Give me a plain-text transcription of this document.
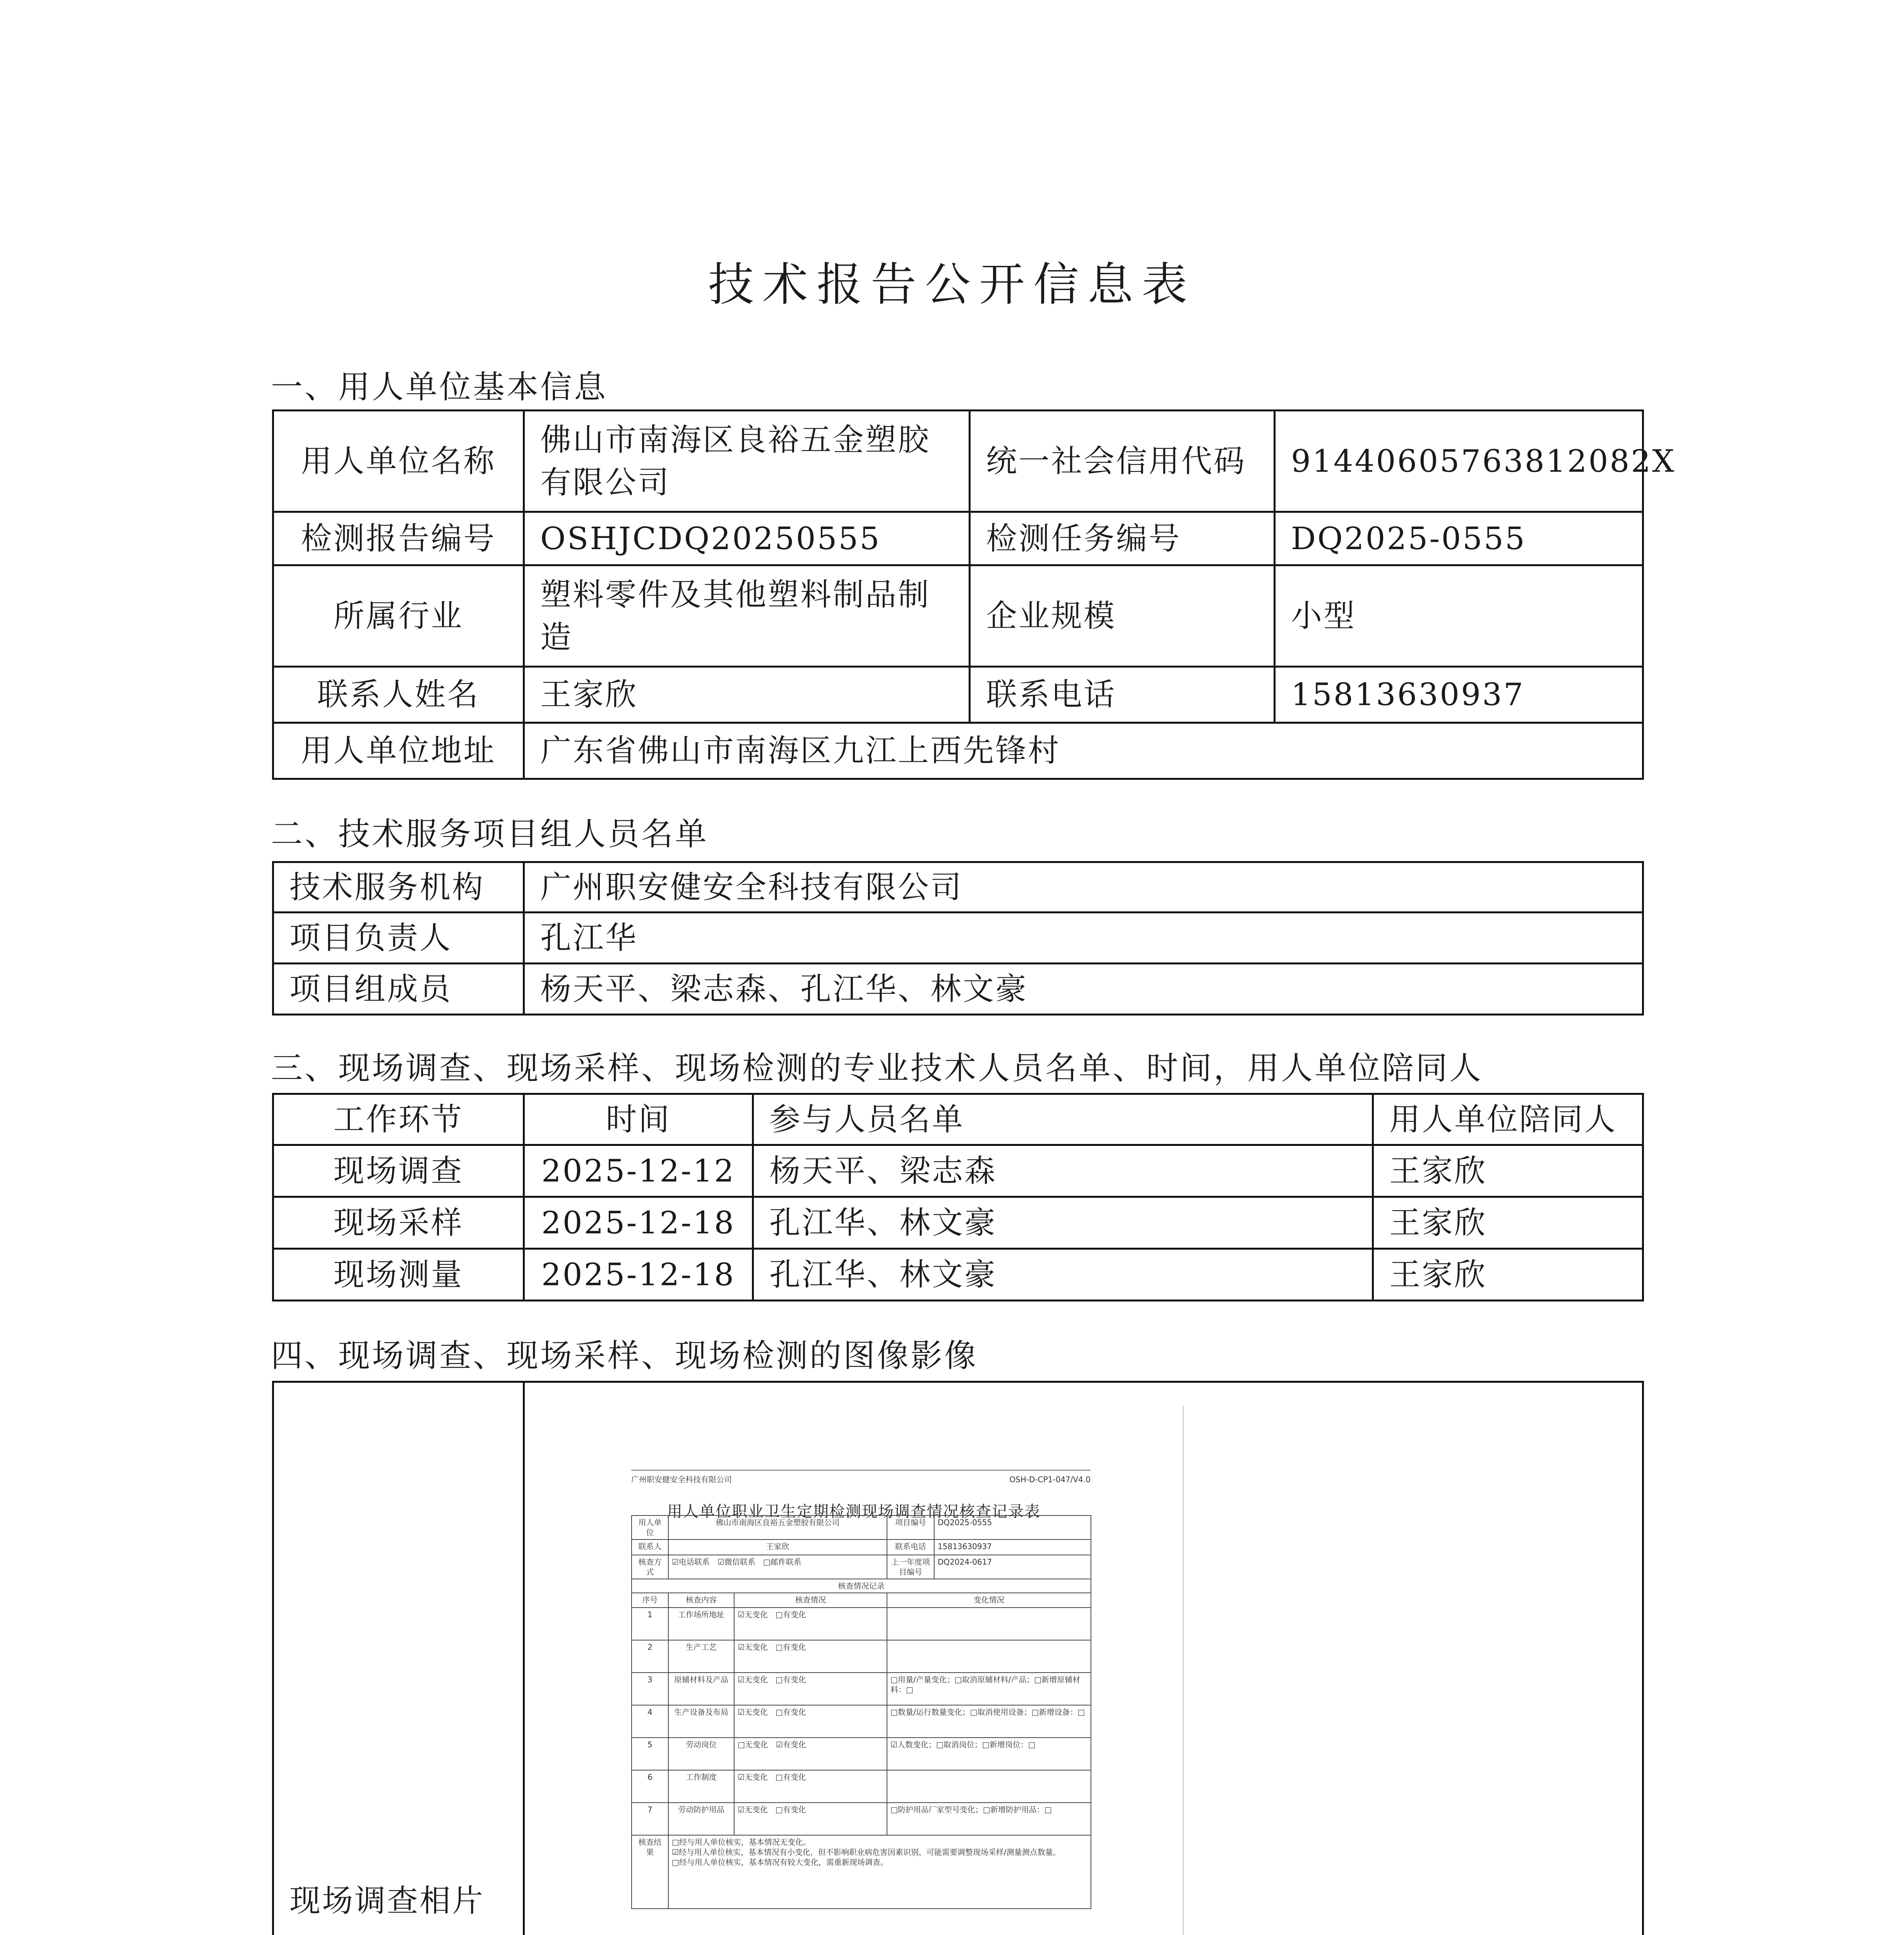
技术报告公开信息表
一、用人单位基本信息
用人单位名称	佛山市南海区良裕五金塑胶有限公司	统一社会信用代码	91440605763812082X
检测报告编号	OSHJCDQ20250555	检测任务编号	DQ2025-0555
所属行业	塑料零件及其他塑料制品制造	企业规模	小型
联系人姓名	王家欣	联系电话	15813630937
用人单位地址	广东省佛山市南海区九江上西先锋村		
二、技术服务项目组人员名单
技术服务机构	广州职安健安全科技有限公司
项目负责人	孔江华
项目组成员	杨天平、梁志森、孔江华、林文豪
三、现场调查、现场采样、现场检测的专业技术人员名单、时间，用人单位陪同人
工作环节	时间	参与人员名单	用人单位陪同人
现场调查	2025-12-12	杨天平、梁志森	王家欣
现场采样	2025-12-18	孔江华、林文豪	王家欣
现场测量	2025-12-18	孔江华、林文豪	王家欣
四、现场调查、现场采样、现场检测的图像影像
现场调查相片	
广州职安健安全科技有限公司	OSH-D-CP1-047/V4.0
用人单位职业卫生定期检测现场调查情况核查记录表
用人单位	佛山市南海区良裕五金塑胶有限公司	项目编号	DQ2025-0555
联系人	王家欣	联系电话	15813630937
核查方式	☑电话联系　☑微信联系　□邮件联系	上一年度项目编号	DQ2024-0617
核查情况记录
序号	核查内容	核查情况	变化情况
1	工作场所地址	☑无变化　□有变化	
2	生产工艺	☑无变化　□有变化	
3	原辅材料及产品	☑无变化　□有变化	□用量/产量变化；□取消原辅材料/产品；□新增原辅材料：□
4	生产设备及布局	☑无变化　□有变化	□数量/运行数量变化；□取消使用设备；□新增设备：□
5	劳动岗位	□无变化　☑有变化	☑人数变化；□取消岗位；□新增岗位：□
6	工作制度	☑无变化　□有变化	
7	劳动防护用品	☑无变化　□有变化	□防护用品厂家型号变化；□新增防护用品：□
核查结果	
□经与用人单位核实，基本情况无变化。
☑经与用人单位核实，基本情况有小变化，但不影响职业病危害因素识别，可能需要调整现场采样/测量测点数量。
□经与用人单位核实，基本情况有较大变化，需重新现场调查。
